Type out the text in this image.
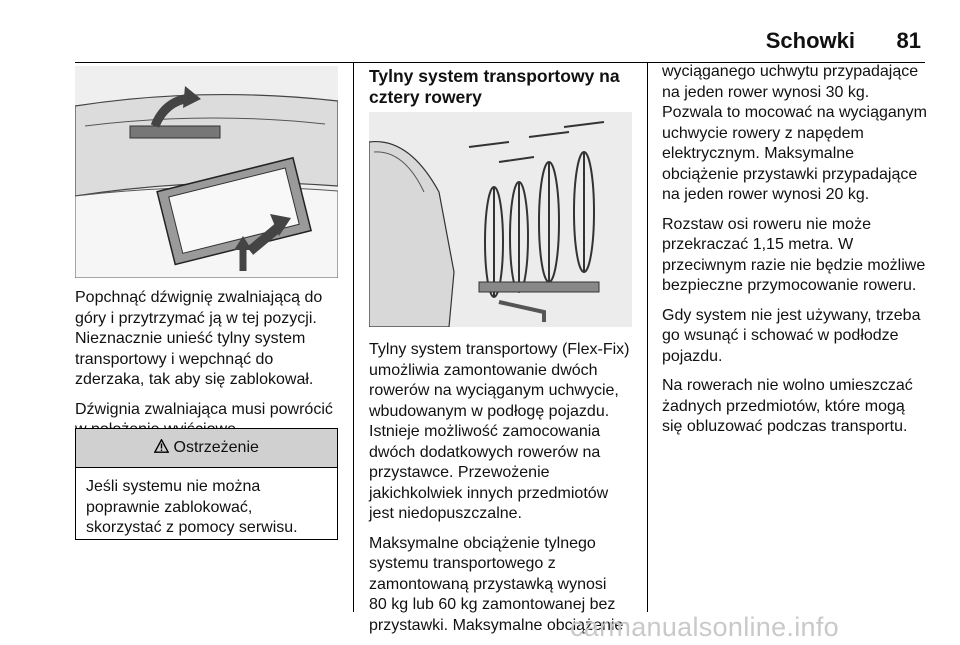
Schowki 81

Popchnąć dźwignię zwalniającą do
góry i przytrzymać ją w tej pozycji.
Nieznacznie unieść tylny system
transportowy i wepchnąć do
zderzaka, tak aby się zablokował.

Dźwignia zwalniająca musi powrócić

Ostrzeżenie
Jeśli systemu nie można
poprawnie zablokować,
skorzystać z pomocy serwisu.
Tylny system transportowy na
cztery rowery

Tylny system transportowy (Flex-Fix)
umożliwia zamontowanie dwóch
rowerów na wyciąganym uchwycie,
wbudowanym w podłogę pojazdu.
Istnieje możliwość zamocowania
dwóch dodatkowych rowerów na
przystawce. Przewożenie
jakichkolwiek innych przedmiotów
jest niedopuszczalne.

Maksymalne obciążenie tylnego
systemu transportowego z
zamontowaną przystawką wynosi
80 kg lub 60 kg zamontowanej bez
przystawki. Maksymalne obciążenie

wyciąganego uchwytu przypadające
na jeden rower wynosi 30 kg.
Pozwala to mocować na wyciąganym
uchwycie rowery z napędem
elektrycznym. Maksymalne
obciążenie przystawki przypadające
na jeden rower wynosi 20 kg.

Rozstaw osi roweru nie może
przekraczać 1,15 metra. W
przeciwnym razie nie będzie możliwe
bezpieczne przymocowanie roweru.

Gdy system nie jest używany, trzeba
go wsunąć i schować w podłodze
pojazdu.

Na rowerach nie wolno umieszczać
żadnych przedmiotów, które mogą
się obluzować podczas transportu.

carmanualsonline.info
